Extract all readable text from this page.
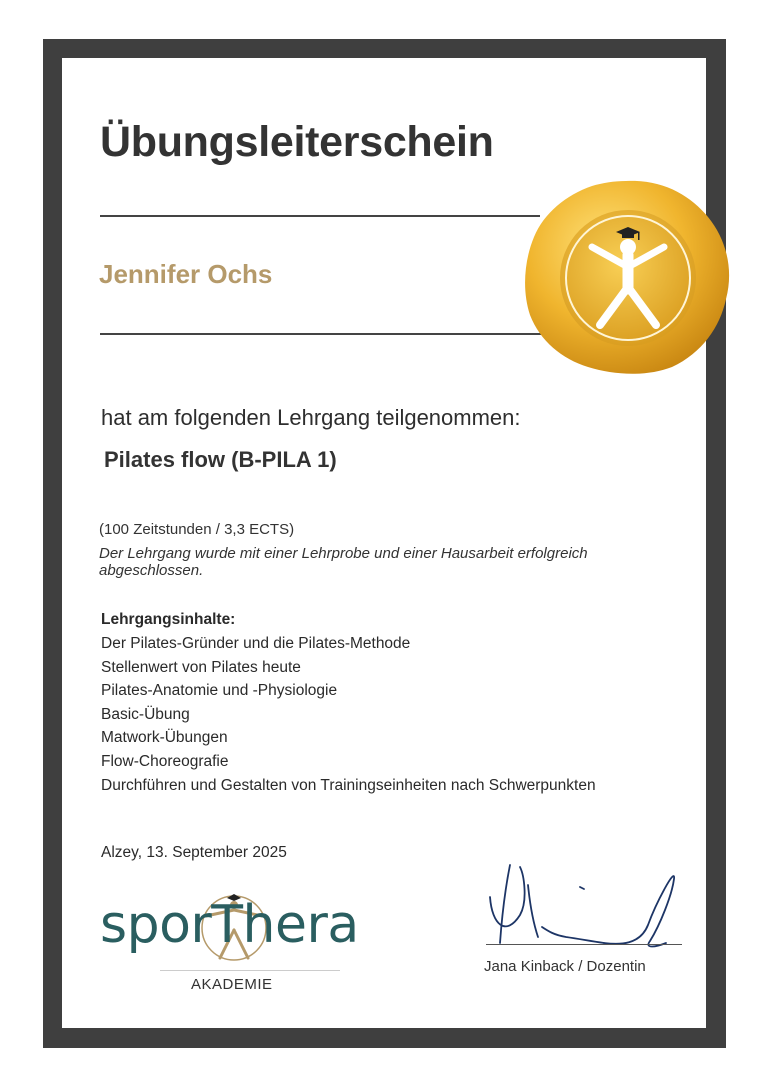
Übungsleiterschein
Jennifer Ochs
hat am folgenden Lehrgang teilgenommen:
Pilates flow (B-PILA 1)
(100 Zeitstunden / 3,3 ECTS)
Der Lehrgang wurde mit einer Lehrprobe und einer Hausarbeit erfolgreich abgeschlossen.
Lehrgangsinhalte:
Der Pilates-Gründer und die Pilates-Methode
Stellenwert von Pilates heute
Pilates-Anatomie und -Physiologie
Basic-Übung
Matwork-Übungen
Flow-Choreografie
Durchführen und Gestalten von Trainingseinheiten nach Schwerpunkten
Alzey, 13. September 2025
sporThera
AKADEMIE
Jana Kinback / Dozentin
